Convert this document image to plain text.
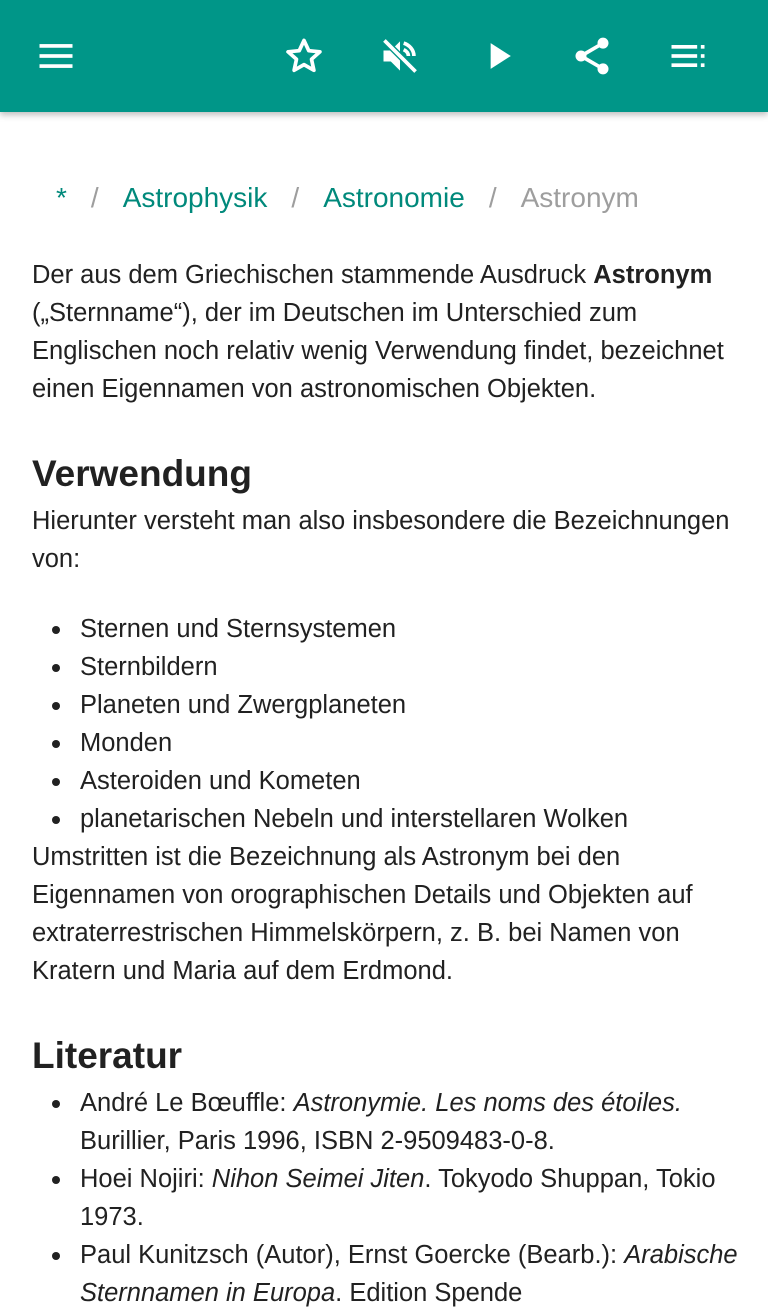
* / Astrophysik / Astronomie / Astronym

Der aus dem Griechischen stammende Ausdruck Astronym („Sternname“), der im Deutschen im Unterschied zum Englischen noch relativ wenig Verwendung findet, bezeichnet einen Eigennamen von astronomischen Objekten.

Verwendung

Hierunter versteht man also insbesondere die Bezeichnungen von:

Sternen und Sternsystemen
Sternbildern
Planeten und Zwergplaneten
Monden
Asteroiden und Kometen
planetarischen Nebeln und interstellaren Wolken

Umstritten ist die Bezeichnung als Astronym bei den Eigennamen von orographischen Details und Objekten auf extraterrestrischen Himmelskörpern, z. B. bei Namen von Kratern und Maria auf dem Erdmond.

Literatur
André Le Bœuffle: Astronymie. Les noms des étoiles. Burillier, Paris 1996, ISBN 2-9509483-0-8.
Hoei Nojiri: Nihon Seimei Jiten. Tokyodo Shuppan, Tokio 1973.
Paul Kunitzsch (Autor), Ernst Goercke (Bearb.): Arabische Sternnamen in Europa. Edition Spende
